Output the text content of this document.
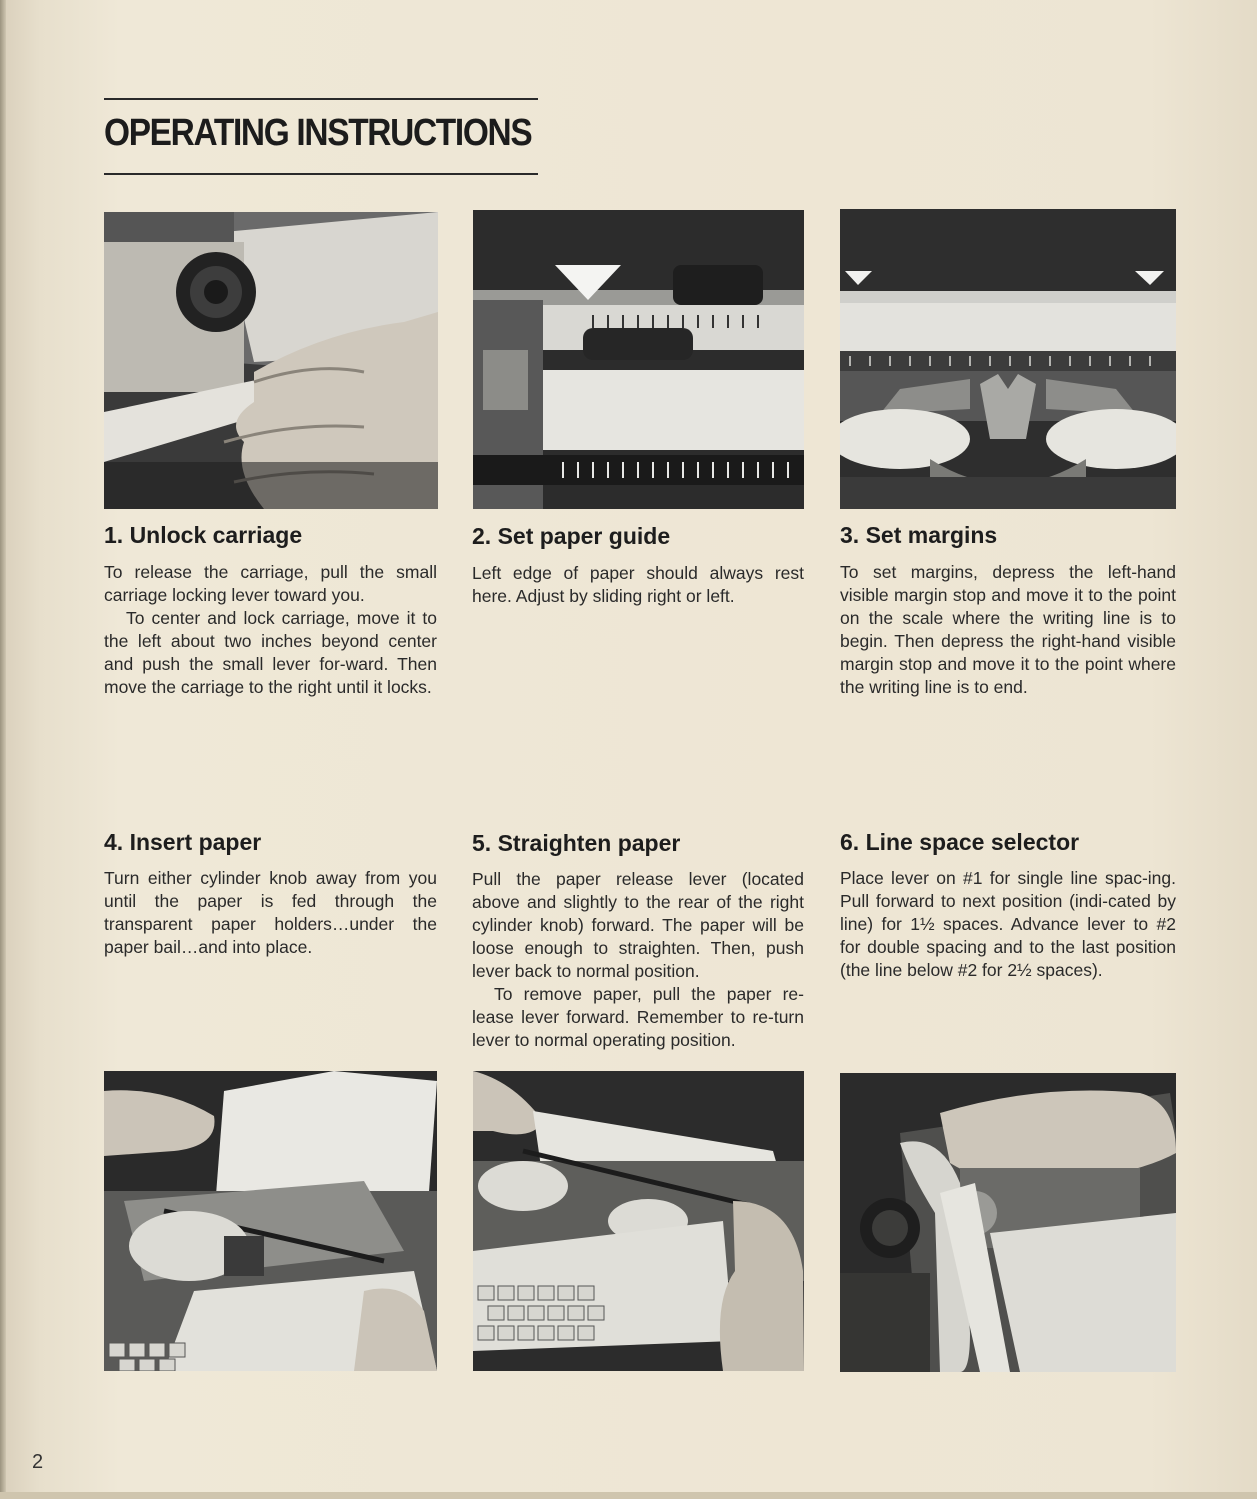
OPERATING INSTRUCTIONS
1. Unlock carriage

To release the carriage, pull the small carriage locking lever toward you.

To center and lock carriage, move it to the left about two inches beyond center and push the small lever for-ward. Then move the carriage to the right until it locks.

2. Set paper guide

Left edge of paper should always rest here. Adjust by sliding right or left.

3. Set margins

To set margins, depress the left-hand visible margin stop and move it to the point on the scale where the writing line is to begin. Then depress the right-hand visible margin stop and move it to the point where the writing line is to end.

4. Insert paper

Turn either cylinder knob away from you until the paper is fed through the transparent paper holders…under the paper bail…and into place.

5. Straighten paper

Pull the paper release lever (located above and slightly to the rear of the right cylinder knob) forward. The paper will be loose enough to straighten. Then, push lever back to normal position.

To remove paper, pull the paper re-lease lever forward. Remember to re-turn lever to normal operating position.

6. Line space selector

Place lever on #1 for single line spac-ing. Pull forward to next position (indi-cated by line) for 1½ spaces. Advance lever to #2 for double spacing and to the last position (the line below #2 for 2½ spaces).

2
